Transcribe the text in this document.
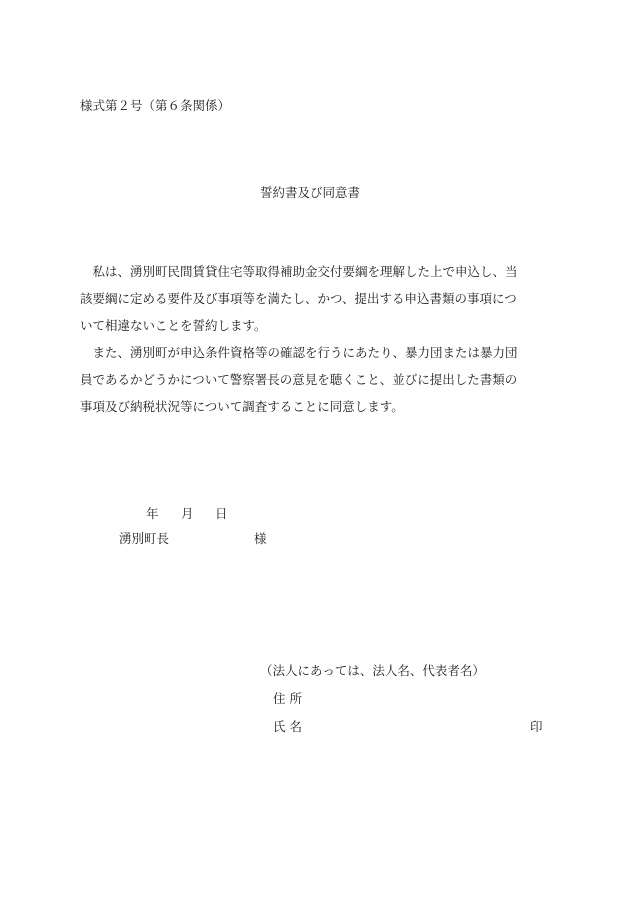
様式第２号（第６条関係）
誓約書及び同意書
　私は、湧別町民間賃貸住宅等取得補助金交付要綱を理解した上で申込し、当
該要綱に定める要件及び事項等を満たし、かつ、提出する申込書類の事項につ
いて相違ないことを誓約します。
　また、湧別町が申込条件資格等の確認を行うにあたり、暴力団または暴力団
員であるかどうかについて警察署長の意見を聴くこと、並びに提出した書類の
事項及び納税状況等について調査することに同意します。
年 月 日
湧別町長	様
（法人にあっては、法人名、代表者名）
住 所
氏 名	印
